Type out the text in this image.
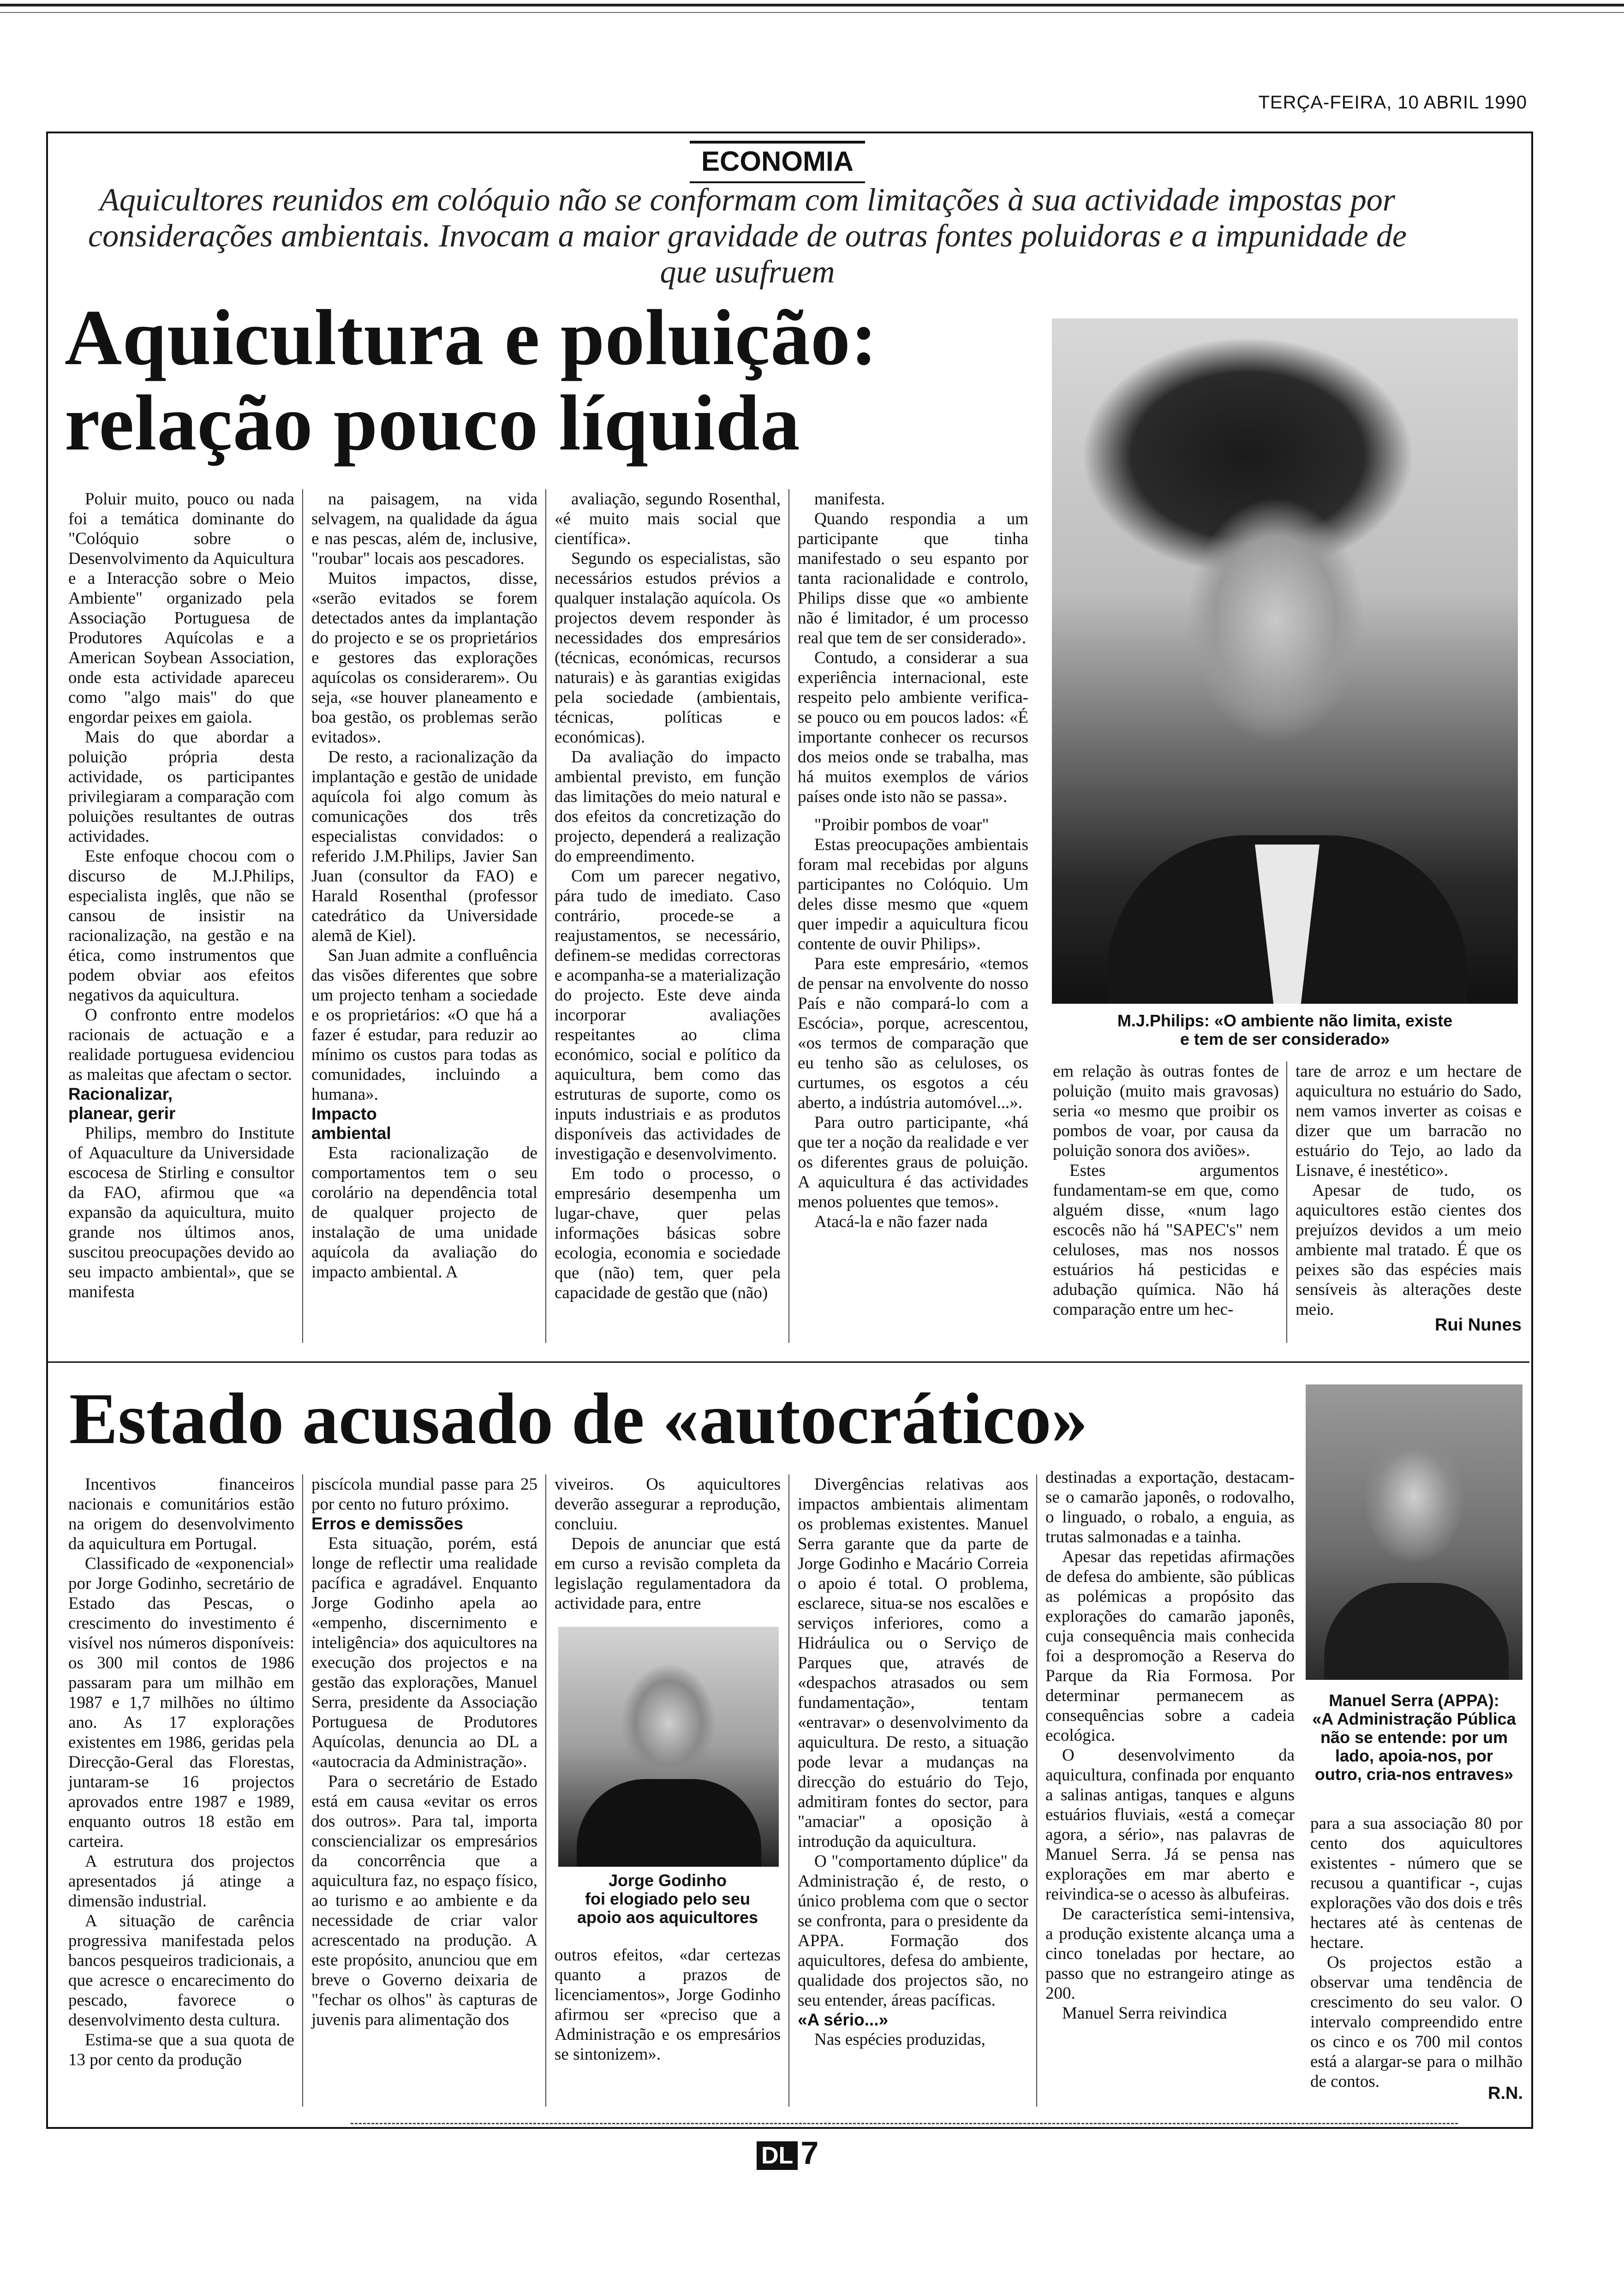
TERÇA-FEIRA, 10 ABRIL 1990
ECONOMIA
Aquicultores reunidos em colóquio não se conformam com limitações à sua actividade impostas por considerações ambientais. Invocam a maior gravidade de outras fontes poluidoras e a impunidade de que usufruem
Aquicultura e poluição:
relação pouco líquida
M.J.Philips: «O ambiente não limita, existe
e tem de ser considerado»

Poluir muito, pouco ou nada foi a temática dominante do "Colóquio sobre o Desenvolvimento da Aquicultura e a Interacção sobre o Meio Ambiente" organizado pela Associação Portuguesa de Produtores Aquícolas e a American Soybean Association, onde esta actividade apareceu como "algo mais" do que engordar peixes em gaiola.

Mais do que abordar a poluição própria desta actividade, os participantes privilegiaram a comparação com poluições resultantes de outras actividades.

Este enfoque chocou com o discurso de M.J.Philips, especialista inglês, que não se cansou de insistir na racionalização, na gestão e na ética, como instrumentos que podem obviar aos efeitos negativos da aquicultura.

O confronto entre modelos racionais de actuação e a realidade portuguesa evidenciou as maleitas que afectam o sector.

Racionalizar,
planear, gerir

Philips, membro do Institute of Aquaculture da Universidade escocesa de Stirling e consultor da FAO, afirmou que «a expansão da aquicultura, muito grande nos últimos anos, suscitou preocupações devido ao seu impacto ambiental», que se manifesta

na paisagem, na vida selvagem, na qualidade da água e nas pescas, além de, inclusive, "roubar" locais aos pescadores.

Muitos impactos, disse, «serão evitados se forem detectados antes da implantação do projecto e se os proprietários e gestores das explorações aquícolas os considerarem». Ou seja, «se houver planeamento e boa gestão, os problemas serão evitados».

De resto, a racionalização da implantação e gestão de unidade aquícola foi algo comum às comunicações dos três especialistas convidados: o referido J.M.Philips, Javier San Juan (consultor da FAO) e Harald Rosenthal (professor catedrático da Universidade alemã de Kiel).

San Juan admite a confluência das visões diferentes que sobre um projecto tenham a sociedade e os proprietários: «O que há a fazer é estudar, para reduzir ao mínimo os custos para todas as comunidades, incluindo a humana».

Impacto
ambiental

Esta racionalização de comportamentos tem o seu corolário na dependência total de qualquer projecto de instalação de uma unidade aquícola da avaliação do impacto ambiental. A

avaliação, segundo Rosenthal, «é muito mais social que científica».

Segundo os especialistas, são necessários estudos prévios a qualquer instalação aquícola. Os projectos devem responder às necessidades dos empresários (técnicas, económicas, recursos naturais) e às garantias exigidas pela sociedade (ambientais, técnicas, políticas e económicas).

Da avaliação do impacto ambiental previsto, em função das limitações do meio natural e dos efeitos da concretização do projecto, dependerá a realização do empreendimento.

Com um parecer negativo, pára tudo de imediato. Caso contrário, procede-se a reajustamentos, se necessário, definem-se medidas correctoras e acompanha-se a materialização do projecto. Este deve ainda incorporar avaliações respeitantes ao clima económico, social e político da aquicultura, bem como das estruturas de suporte, como os inputs industriais e as produtos disponíveis das actividades de investigação e desenvolvimento.

Em todo o processo, o empresário desempenha um lugar-chave, quer pelas informações básicas sobre ecologia, economia e sociedade que (não) tem, quer pela capacidade de gestão que (não)

manifesta.

Quando respondia a um participante que tinha manifestado o seu espanto por tanta racionalidade e controlo, Philips disse que «o ambiente não é limitador, é um processo real que tem de ser considerado».

Contudo, a considerar a sua experiência internacional, este respeito pelo ambiente verifica-se pouco ou em poucos lados: «É importante conhecer os recursos dos meios onde se trabalha, mas há muitos exemplos de vários países onde isto não se passa».

"Proibir pombos de voar"

Estas preocupações ambientais foram mal recebidas por alguns participantes no Colóquio. Um deles disse mesmo que «quem quer impedir a aquicultura ficou contente de ouvir Philips».

Para este empresário, «temos de pensar na envolvente do nosso País e não compará-lo com a Escócia», porque, acrescentou, «os termos de comparação que eu tenho são as celuloses, os curtumes, os esgotos a céu aberto, a indústria automóvel...».

Para outro participante, «há que ter a noção da realidade e ver os diferentes graus de poluição. A aquicultura é das actividades menos poluentes que temos».

Atacá-la e não fazer nada

em relação às outras fontes de poluição (muito mais gravosas) seria «o mesmo que proibir os pombos de voar, por causa da poluição sonora dos aviões».

Estes argumentos fundamentam-se em que, como alguém disse, «num lago escocês não há "SAPEC's" nem celuloses, mas nos nossos estuários há pesticidas e adubação química. Não há comparação entre um hec-

tare de arroz e um hectare de aquicultura no estuário do Sado, nem vamos inverter as coisas e dizer que um barracão no estuário do Tejo, ao lado da Lisnave, é inestético».

Apesar de tudo, os aquicultores estão cientes dos prejuízos devidos a um meio ambiente mal tratado. É que os peixes são das espécies mais sensíveis às alterações deste meio.

Rui Nunes
Estado acusado de «autocrático»

Incentivos financeiros nacionais e comunitários estão na origem do desenvolvimento da aquicultura em Portugal.

Classificado de «exponencial» por Jorge Godinho, secretário de Estado das Pescas, o crescimento do investimento é visível nos números disponíveis: os 300 mil contos de 1986 passaram para um milhão em 1987 e 1,7 milhões no último ano. As 17 explorações existentes em 1986, geridas pela Direcção-Geral das Florestas, juntaram-se 16 projectos aprovados entre 1987 e 1989, enquanto outros 18 estão em carteira.

A estrutura dos projectos apresentados já atinge a dimensão industrial.

A situação de carência progressiva manifestada pelos bancos pesqueiros tradicionais, a que acresce o encarecimento do pescado, favorece o desenvolvimento desta cultura.

Estima-se que a sua quota de 13 por cento da produção

piscícola mundial passe para 25 por cento no futuro próximo.

Erros e demissões

Esta situação, porém, está longe de reflectir uma realidade pacífica e agradável. Enquanto Jorge Godinho apela ao «empenho, discernimento e inteligência» dos aquicultores na execução dos projectos e na gestão das explorações, Manuel Serra, presidente da Associação Portuguesa de Produtores Aquícolas, denuncia ao DL a «autocracia da Administração».

Para o secretário de Estado está em causa «evitar os erros dos outros». Para tal, importa consciencializar os empresários da concorrência que a aquicultura faz, no espaço físico, ao turismo e ao ambiente e da necessidade de criar valor acrescentado na produção. A este propósito, anunciou que em breve o Governo deixaria de "fechar os olhos" às capturas de juvenis para alimentação dos

viveiros. Os aquicultores deverão assegurar a reprodução, concluiu.

Depois de anunciar que está em curso a revisão completa da legislação regulamentadora da actividade para, entre

Jorge Godinho
foi elogiado pelo seu
apoio aos aquicultores

outros efeitos, «dar certezas quanto a prazos de licenciamentos», Jorge Godinho afirmou ser «preciso que a Administração e os empresários se sintonizem».

Divergências relativas aos impactos ambientais alimentam os problemas existentes. Manuel Serra garante que da parte de Jorge Godinho e Macário Correia o apoio é total. O problema, esclarece, situa-se nos escalões e serviços inferiores, como a Hidráulica ou o Serviço de Parques que, através de «despachos atrasados ou sem fundamentação», tentam «entravar» o desenvolvimento da aquicultura. De resto, a situação pode levar a mudanças na direcção do estuário do Tejo, admitiram fontes do sector, para "amaciar" a oposição à introdução da aquicultura.

O "comportamento dúplice" da Administração é, de resto, o único problema com que o sector se confronta, para o presidente da APPA. Formação dos aquicultores, defesa do ambiente, qualidade dos projectos são, no seu entender, áreas pacíficas.

«A sério...»

Nas espécies produzidas,

destinadas a exportação, destacam-se o camarão japonês, o rodovalho, o linguado, o robalo, a enguia, as trutas salmonadas e a tainha.

Apesar das repetidas afirmações de defesa do ambiente, são públicas as polémicas a propósito das explorações do camarão japonês, cuja consequência mais conhecida foi a despromoção a Reserva do Parque da Ria Formosa. Por determinar permanecem as consequências sobre a cadeia ecológica.

O desenvolvimento da aquicultura, confinada por enquanto a salinas antigas, tanques e alguns estuários fluviais, «está a começar agora, a sério», nas palavras de Manuel Serra. Já se pensa nas explorações em mar aberto e reivindica-se o acesso às albufeiras.

De característica semi-intensiva, a produção existente alcança uma a cinco toneladas por hectare, ao passo que no estrangeiro atinge as 200.

Manuel Serra reivindica

Manuel Serra (APPA):
«A Administração Pública
não se entende: por um
lado, apoia-nos, por
outro, cria-nos entraves»

para a sua associação 80 por cento dos aquicultores existentes - número que se recusou a quantificar -, cujas explorações vão dos dois e três hectares até às centenas de hectare.

Os projectos estão a observar uma tendência de crescimento do seu valor. O intervalo compreendido entre os cinco e os 700 mil contos está a alargar-se para o milhão de contos.

R.N.
DL 7
